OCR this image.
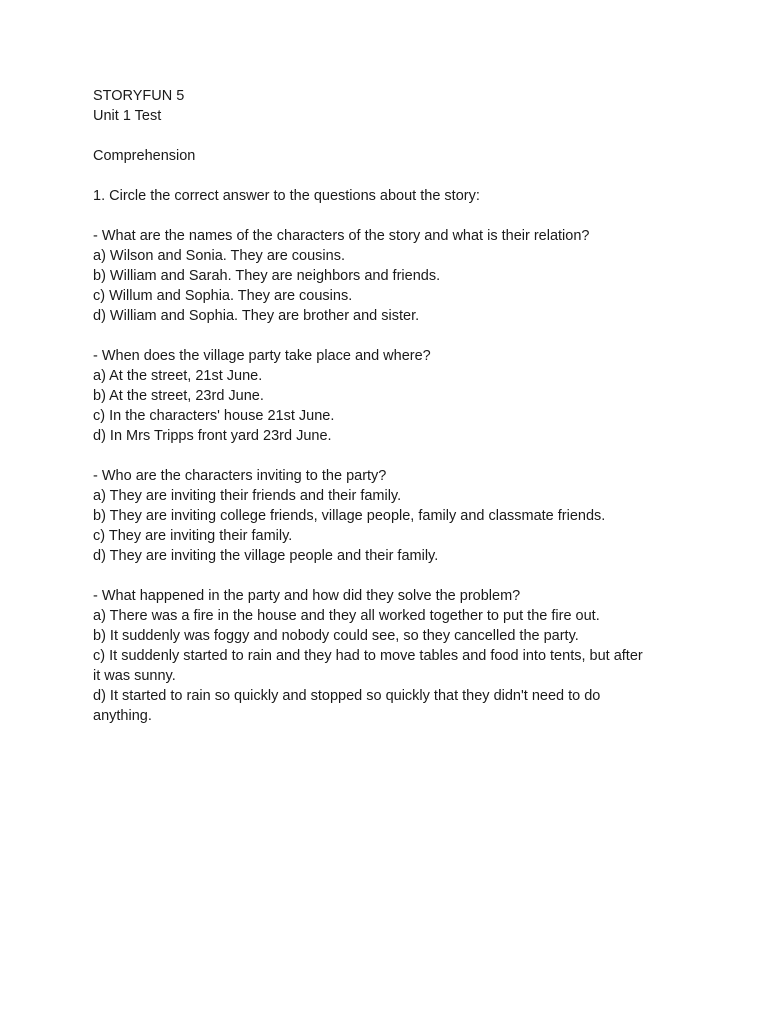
STORYFUN 5

Unit 1 Test

Comprehension

1. Circle the correct answer to the questions about the story:

- What are the names of the characters of the story and what is their relation?

a) Wilson and Sonia. They are cousins.

b) William and Sarah. They are neighbors and friends.

c) Willum and Sophia. They are cousins.

d) William and Sophia. They are brother and sister.

- When does the village party take place and where?

a) At the street, 21st June.

b) At the street, 23rd June.

c) In the characters' house 21st June.

d) In Mrs Tripps front yard 23rd June.

- Who are the characters inviting to the party?

a) They are inviting their friends and their family.

b) They are inviting college friends, village people, family and classmate friends.

c) They are inviting their family.

d) They are inviting the village people and their family.

- What happened in the party and how did they solve the problem?

a) There was a fire in the house and they all worked together to put the fire out.

b) It suddenly was foggy and nobody could see, so they cancelled the party.

c) It suddenly started to rain and they had to move tables and food into tents, but after it was sunny.

d) It started to rain so quickly and stopped so quickly that they didn't need to do anything.
